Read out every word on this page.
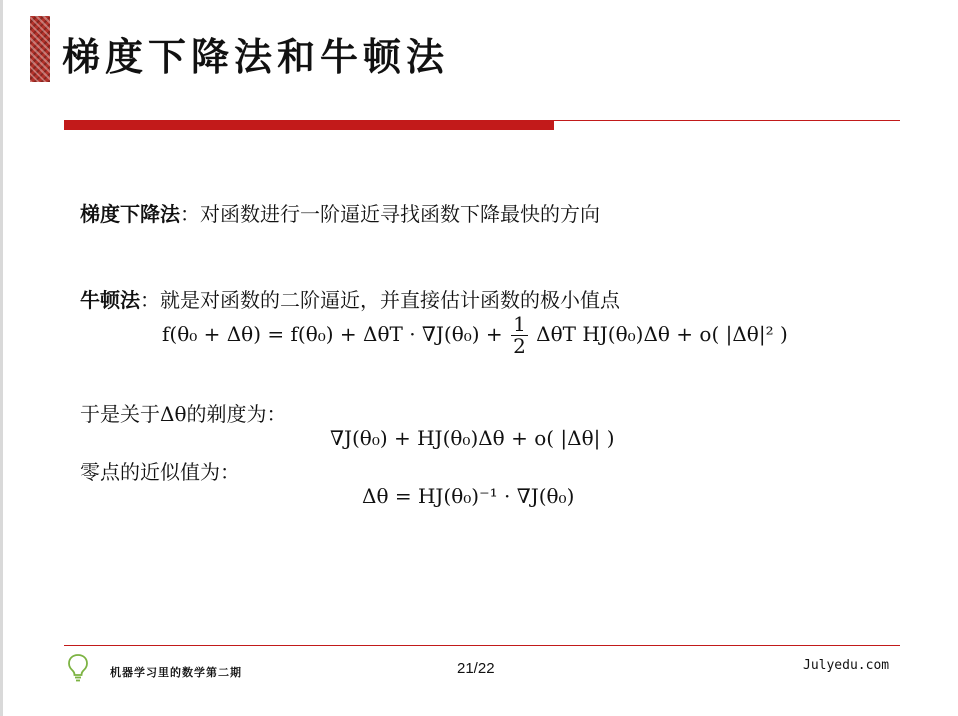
梯度下降法和牛顿法
梯度下降法：对函数进行一阶逼近寻找函数下降最快的方向
牛顿法：就是对函数的二阶逼近，并直接估计函数的极小值点
$f(\theta_0 + \Delta\theta) = f(\theta_0) + \Delta\theta T \cdot \nabla J(\theta_0) + \frac{1}{2}$ ΔθT HJ(θ₀)Δθ + o( |Δθ|² )
于是关于Δθ的剃度为：
∇J(θ₀) + HJ(θ₀)Δθ + o( |Δθ| )
零点的近似值为：
Δθ = HJ(θ₀)⁻¹ · ∇J(θ₀)
机器学习里的数学第二期	21/22	Julyedu.com
